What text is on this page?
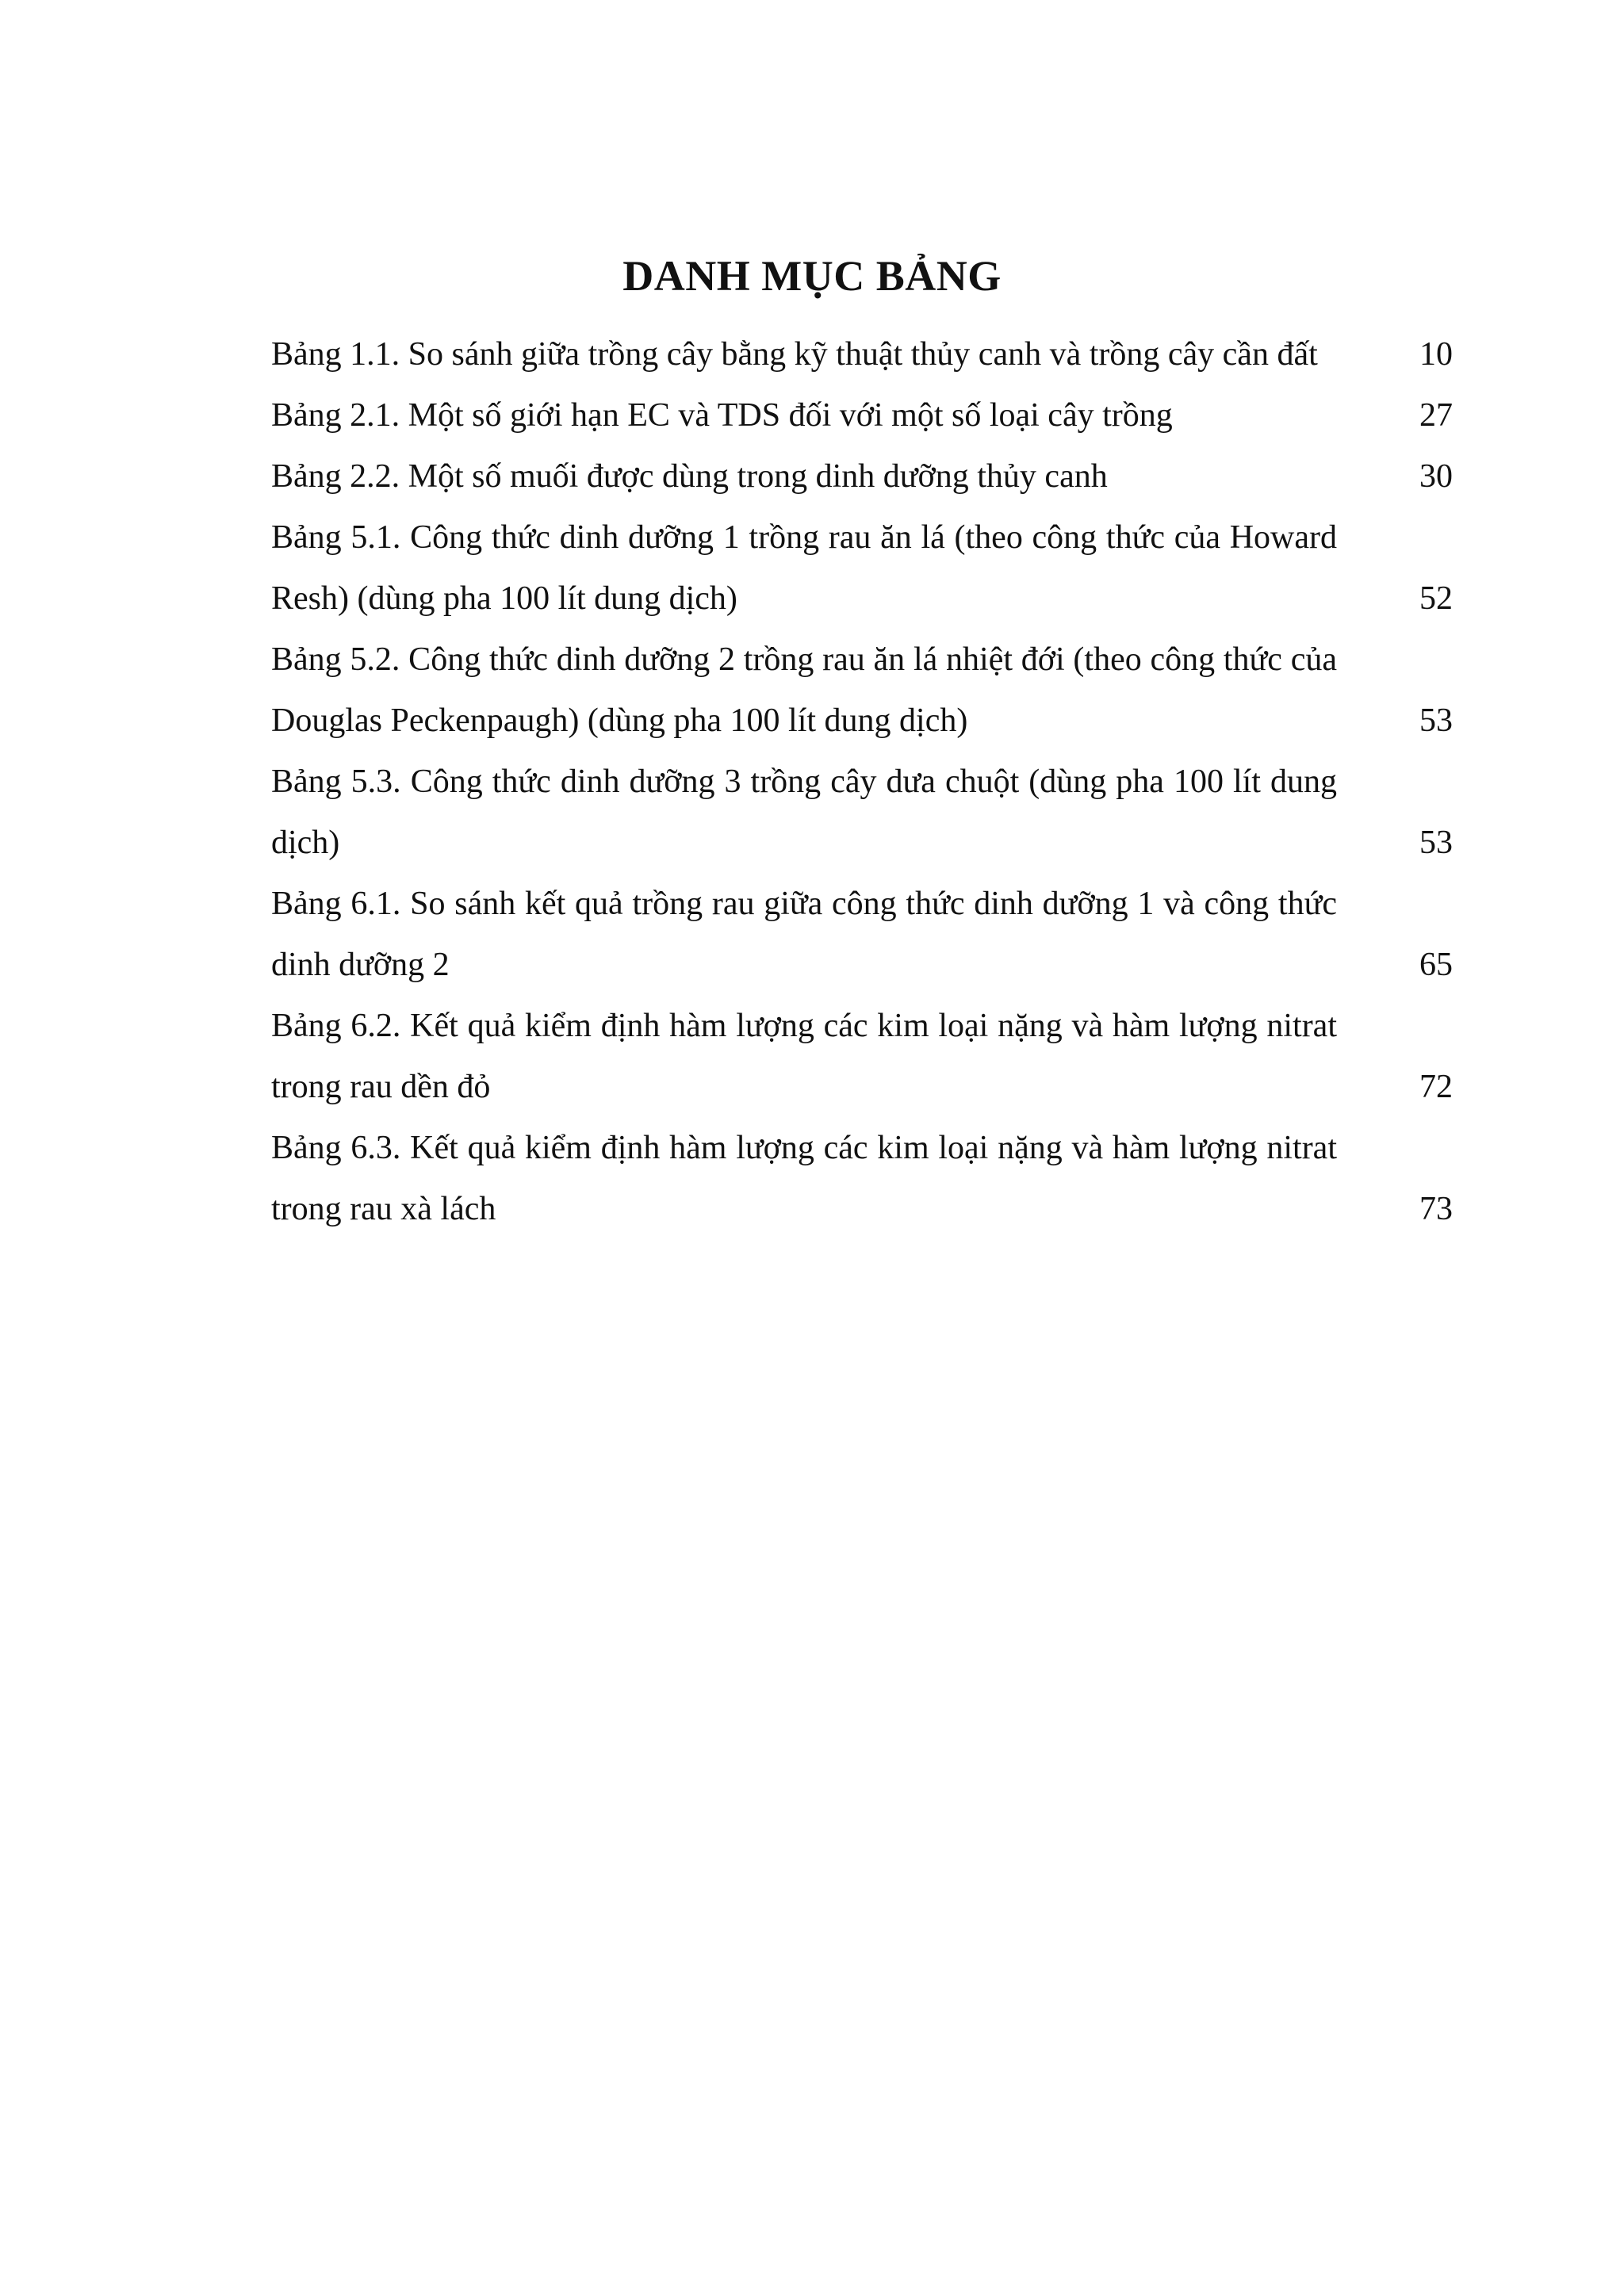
DANH MỤC BẢNG
Bảng 1.1. So sánh giữa trồng cây bằng kỹ thuật thủy canh và trồng cây cần đất	10
Bảng 2.1. Một số giới hạn EC và TDS đối với một số loại cây trồng	27
Bảng 2.2. Một số muối được dùng trong dinh dưỡng thủy canh	30
Bảng 5.1. Công thức dinh dưỡng 1 trồng rau ăn lá (theo công thức của Howard Resh) (dùng pha 100 lít dung dịch)	52
Bảng 5.2. Công thức dinh dưỡng 2 trồng rau ăn lá nhiệt đới (theo công thức của Douglas Peckenpaugh) (dùng pha 100 lít dung dịch)	53
Bảng 5.3. Công thức dinh dưỡng 3 trồng cây dưa chuột (dùng pha 100 lít dung dịch)	53
Bảng 6.1. So sánh kết quả trồng rau giữa công thức dinh dưỡng 1 và công thức dinh dưỡng 2	65
Bảng 6.2. Kết quả kiểm định hàm lượng các kim loại nặng và hàm lượng nitrat trong rau dền đỏ	72
Bảng 6.3. Kết quả kiểm định hàm lượng các kim loại nặng và hàm lượng nitrat trong rau xà lách	73
